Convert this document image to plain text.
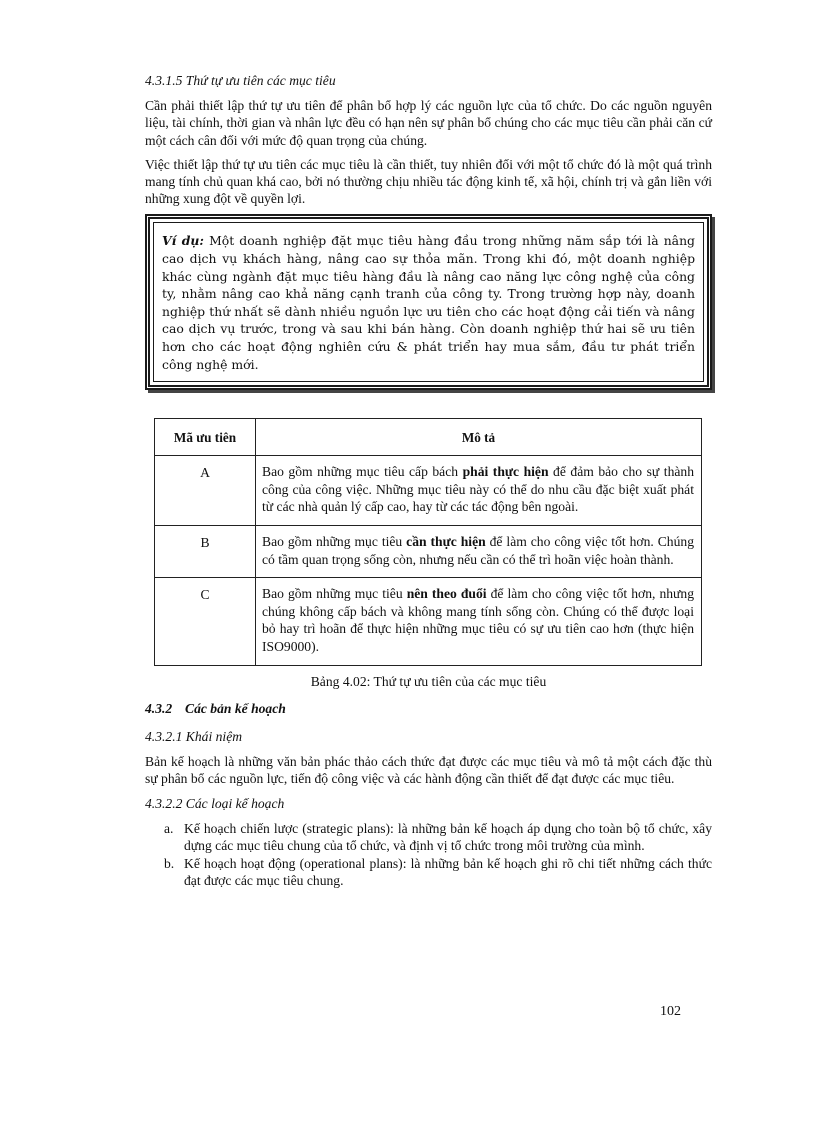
4.3.1.5 Thứ tự ưu tiên các mục tiêu

Cần phải thiết lập thứ tự ưu tiên để phân bổ hợp lý các nguồn lực của tổ chức. Do các nguồn nguyên liệu, tài chính, thời gian và nhân lực đều có hạn nên sự phân bổ chúng cho các mục tiêu cần phải căn cứ một cách cân đối với mức độ quan trọng của chúng.

Việc thiết lập thứ tự ưu tiên các mục tiêu là cần thiết, tuy nhiên đối với một tổ chức đó là một quá trình mang tính chủ quan khá cao, bởi nó thường chịu nhiều tác động kinh tế, xã hội, chính trị và gắn liền với những xung đột về quyền lợi.

Ví dụ: Một doanh nghiệp đặt mục tiêu hàng đầu trong những năm sắp tới là nâng cao dịch vụ khách hàng, nâng cao sự thỏa mãn. Trong khi đó, một doanh nghiệp khác cùng ngành đặt mục tiêu hàng đầu là nâng cao năng lực công nghệ của công ty, nhằm nâng cao khả năng cạnh tranh của công ty. Trong trường hợp này, doanh nghiệp thứ nhất sẽ dành nhiều nguồn lực ưu tiên cho các hoạt động cải tiến và nâng cao dịch vụ trước, trong và sau khi bán hàng. Còn doanh nghiệp thứ hai sẽ ưu tiên hơn cho các hoạt động nghiên cứu & phát triển hay mua sắm, đầu tư phát triển công nghệ mới.
Mã ưu tiên	Mô tả
A	Bao gồm những mục tiêu cấp bách phải thực hiện để đảm bảo cho sự thành công của công việc. Những mục tiêu này có thể do nhu cầu đặc biệt xuất phát từ các nhà quản lý cấp cao, hay từ các tác động bên ngoài.
B	Bao gồm những mục tiêu cần thực hiện để làm cho công việc tốt hơn. Chúng có tầm quan trọng sống còn, nhưng nếu cần có thể trì hoãn việc hoàn thành.
C	Bao gồm những mục tiêu nên theo đuổi để làm cho công việc tốt hơn, nhưng chúng không cấp bách và không mang tính sống còn. Chúng có thể được loại bỏ hay trì hoãn để thực hiện những mục tiêu có sự ưu tiên cao hơn (thực hiện ISO9000).

Bảng 4.02: Thứ tự ưu tiên của các mục tiêu

4.3.2 Các bản kế hoạch

4.3.2.1 Khái niệm

Bản kế hoạch là những văn bản phác thảo cách thức đạt được các mục tiêu và mô tả một cách đặc thù sự phân bổ các nguồn lực, tiến độ công việc và các hành động cần thiết để đạt được các mục tiêu.

4.3.2.2 Các loại kế hoạch

a. Kế hoạch chiến lược (strategic plans): là những bản kế hoạch áp dụng cho toàn bộ tổ chức, xây dựng các mục tiêu chung của tổ chức, và định vị tổ chức trong môi trường của mình.
b. Kế hoạch hoạt động (operational plans): là những bản kế hoạch ghi rõ chi tiết những cách thức đạt được các mục tiêu chung.
102
